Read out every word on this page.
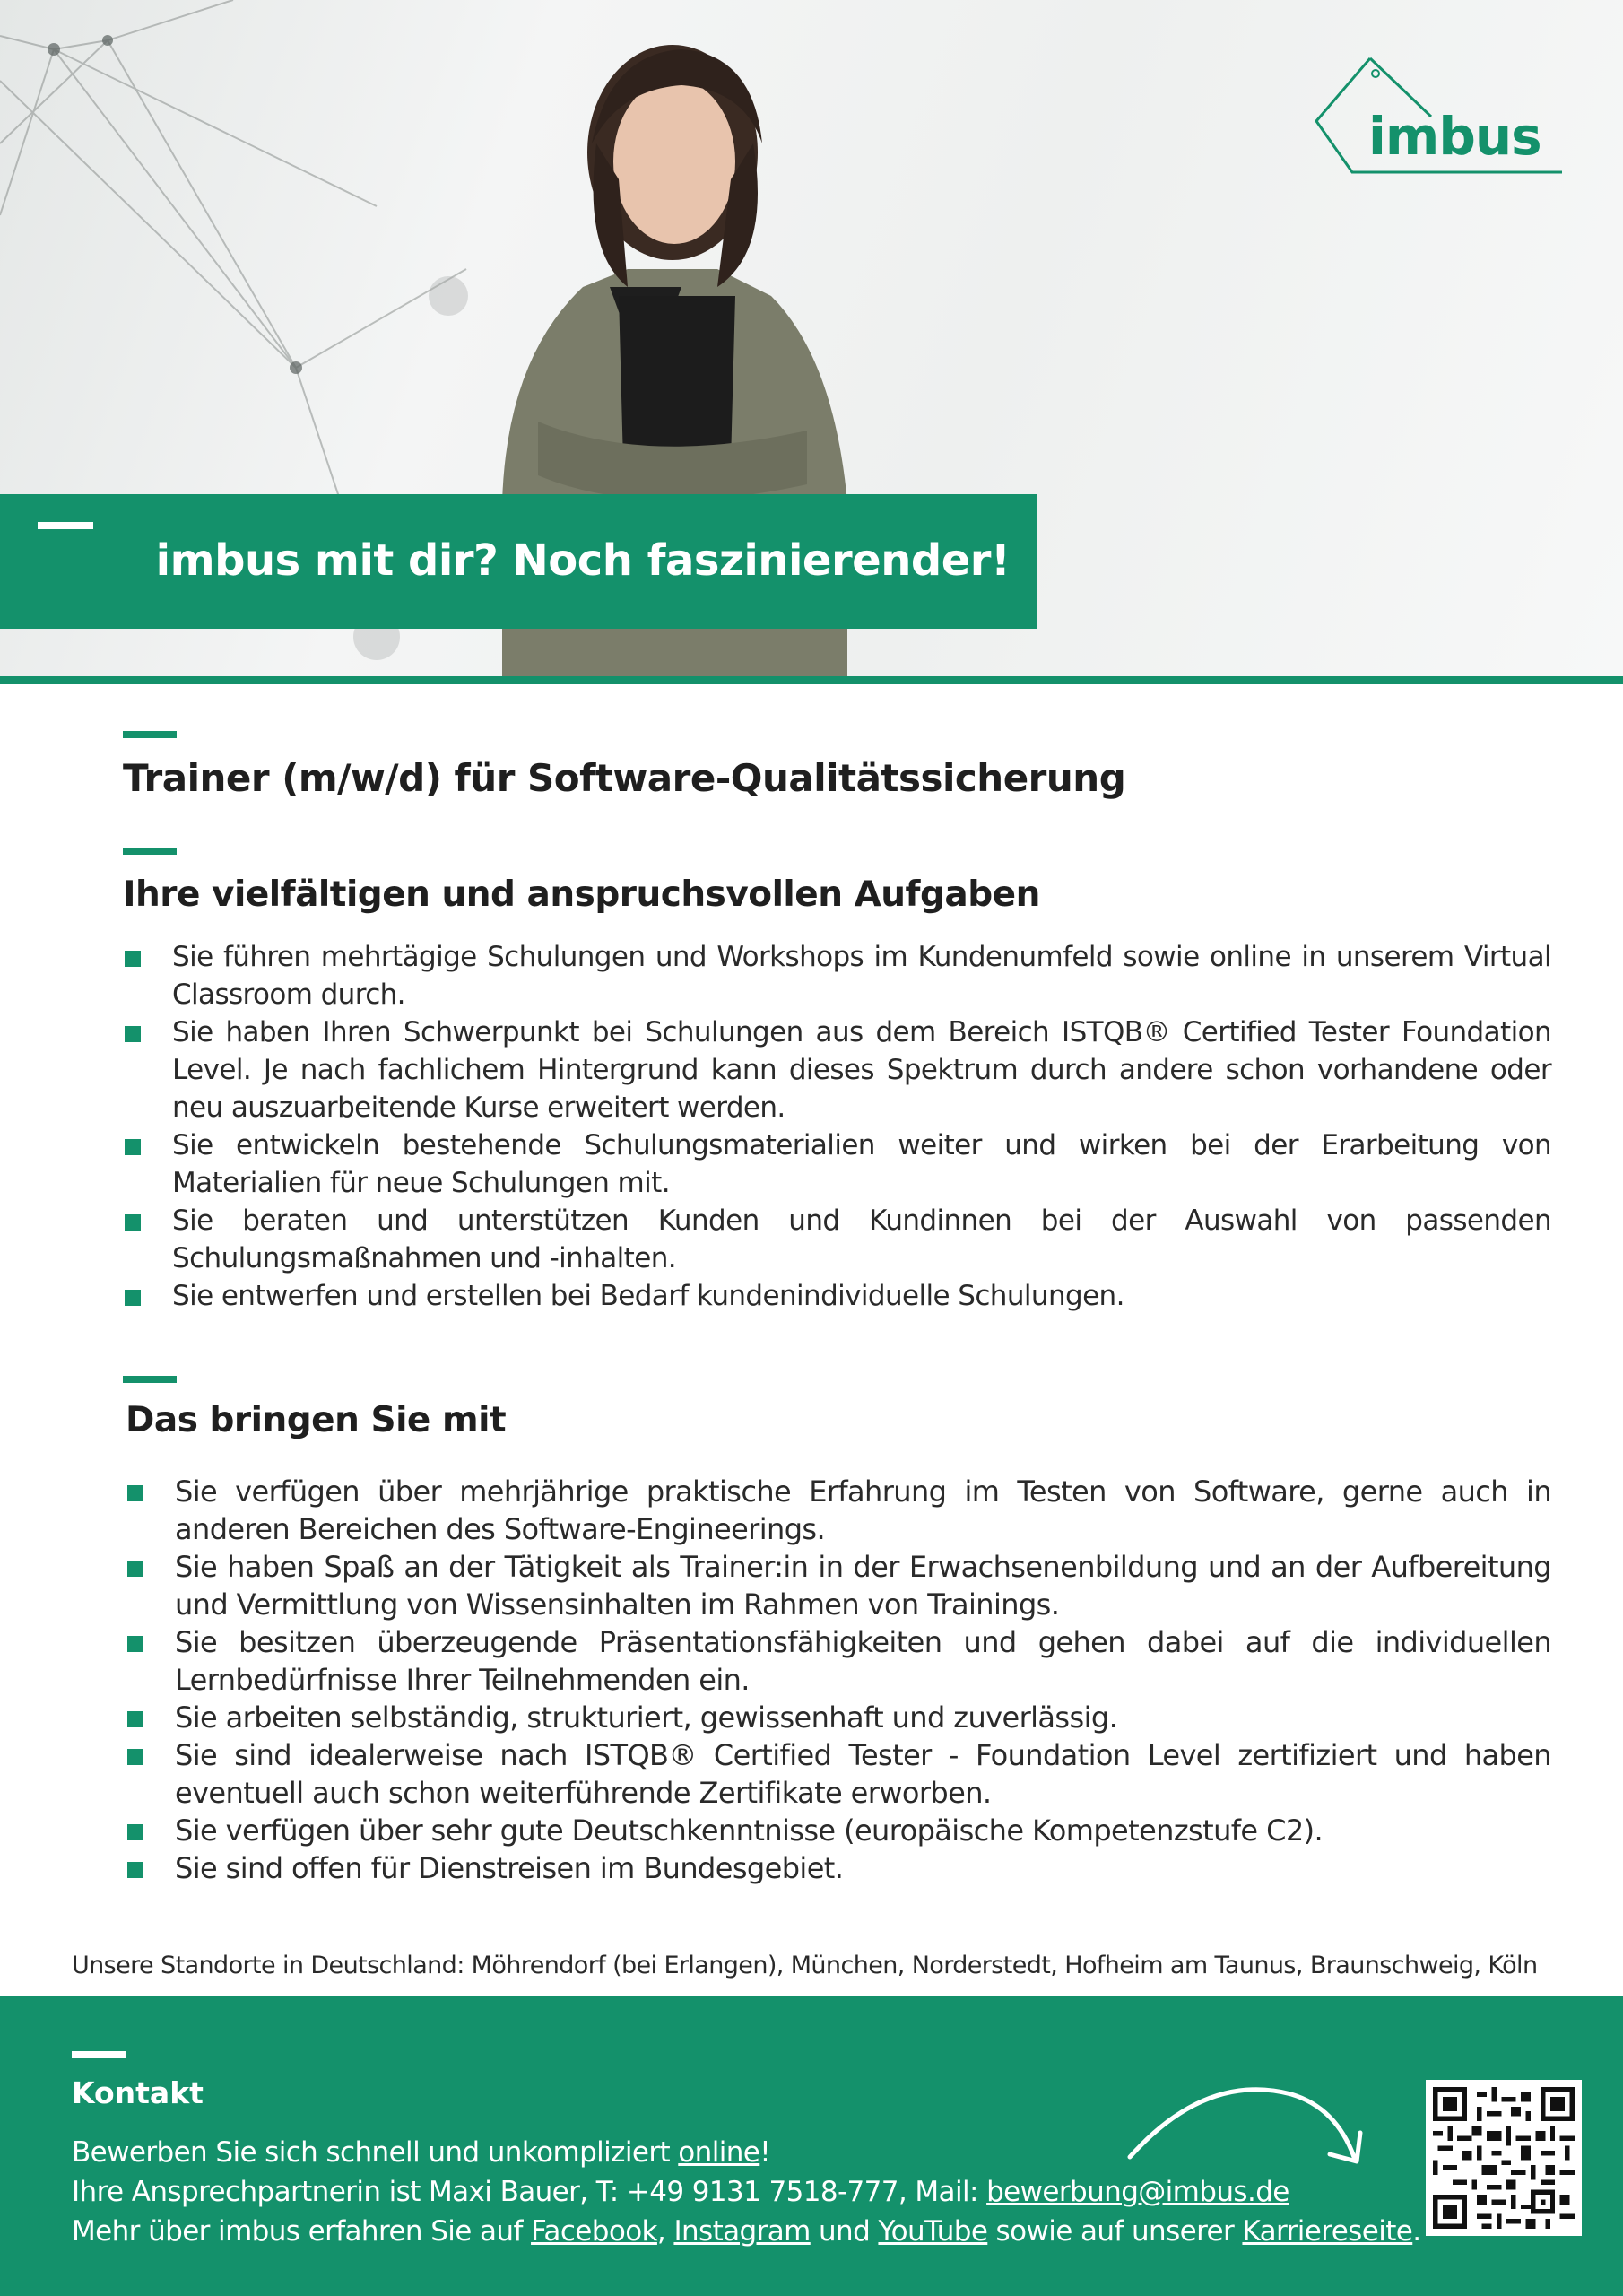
imbus
imbus mit dir? Noch faszinierender!
Trainer (m/w/d) für Software-Qualitätssicherung
Ihre vielfältigen und anspruchsvollen Aufgaben
Sie führen mehrtägige Schulungen und Workshops im Kundenumfeld sowie online in unserem Virtual Classroom durch.
Sie haben Ihren Schwerpunkt bei Schulungen aus dem Bereich ISTQB® Certified Tester Foundation Level. Je nach fachlichem Hintergrund kann dieses Spektrum durch andere schon vorhandene oder neu auszuarbeitende Kurse erweitert werden.
Sie entwickeln bestehende Schulungsmaterialien weiter und wirken bei der Erarbeitung von Materialien für neue Schulungen mit.
Sie beraten und unterstützen Kunden und Kundinnen bei der Auswahl von passenden Schulungsmaßnahmen und -inhalten.
Sie entwerfen und erstellen bei Bedarf kundenindividuelle Schulungen.
Das bringen Sie mit
Sie verfügen über mehrjährige praktische Erfahrung im Testen von Software, gerne auch in anderen Bereichen des Software-Engineerings.
Sie haben Spaß an der Tätigkeit als Trainer:in in der Erwachsenenbildung und an der Aufbereitung und Vermittlung von Wissensinhalten im Rahmen von Trainings.
Sie besitzen überzeugende Präsentationsfähigkeiten und gehen dabei auf die individuellen Lernbedürfnisse Ihrer Teilnehmenden ein.
Sie arbeiten selbständig, strukturiert, gewissenhaft und zuverlässig.
Sie sind idealerweise nach ISTQB® Certified Tester - Foundation Level zertifiziert und haben eventuell auch schon weiterführende Zertifikate erworben.
Sie verfügen über sehr gute Deutschkenntnisse (europäische Kompetenzstufe C2).
Sie sind offen für Dienstreisen im Bundesgebiet.
Unsere Standorte in Deutschland: Möhrendorf (bei Erlangen), München, Norderstedt, Hofheim am Taunus, Braunschweig, Köln
Kontakt
Bewerben Sie sich schnell und unkompliziert online!
Ihre Ansprechpartnerin ist Maxi Bauer, T: +49 9131 7518-777, Mail: bewerbung@imbus.de
Mehr über imbus erfahren Sie auf Facebook, Instagram und YouTube sowie auf unserer Karriereseite.
